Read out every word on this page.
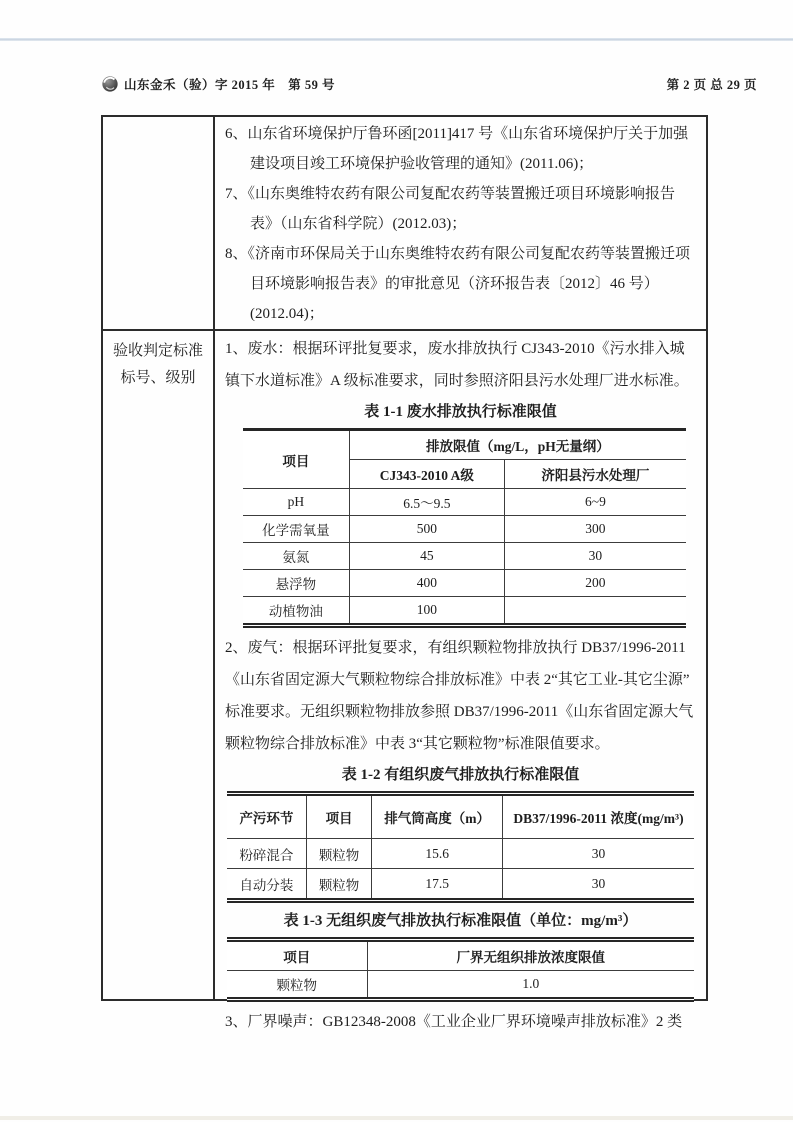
山东金禾（验）字 2015 年　第 59 号	第 2 页 总 29 页
6、山东省环境保护厅鲁环函[2011]417 号《山东省环境保护厅关于加强
建设项目竣工环境保护验收管理的通知》(2011.06)；
7、《山东奥维特农药有限公司复配农药等装置搬迁项目环境影响报告
表》（山东省科学院）(2012.03)；
8、《济南市环保局关于山东奥维特农药有限公司复配农药等装置搬迁项
目环境影响报告表》的审批意见（济环报告表〔2012〕46 号）
(2012.04)；
验收判定标准
标号、级别
1、废水：根据环评批复要求，废水排放执行 CJ343-2010《污水排入城
镇下水道标准》A 级标准要求，同时参照济阳县污水处理厂进水标准。
表 1-1 废水排放执行标准限值
项目	排放限值（mg/L，pH无量纲）	
	CJ343-2010 A级	济阳县污水处理厂
pH	6.5～9.5	6~9
化学需氧量	500	300
氨氮	45	30
悬浮物	400	200
动植物油	100	
2、废气：根据环评批复要求，有组织颗粒物排放执行 DB37/1996-2011
《山东省固定源大气颗粒物综合排放标准》中表 2“其它工业-其它尘源”
标准要求。无组织颗粒物排放参照 DB37/1996-2011《山东省固定源大气
颗粒物综合排放标准》中表 3“其它颗粒物”标准限值要求。
表 1-2 有组织废气排放执行标准限值
产污环节	项目	排气筒高度（m）	DB37/1996-2011 浓度(mg/m³)
粉碎混合	颗粒物	15.6	30
自动分装	颗粒物	17.5	30
表 1-3 无组织废气排放执行标准限值（单位：mg/m³）
项目	厂界无组织排放浓度限值
颗粒物	1.0
3、厂界噪声：GB12348-2008《工业企业厂界环境噪声排放标准》2 类
